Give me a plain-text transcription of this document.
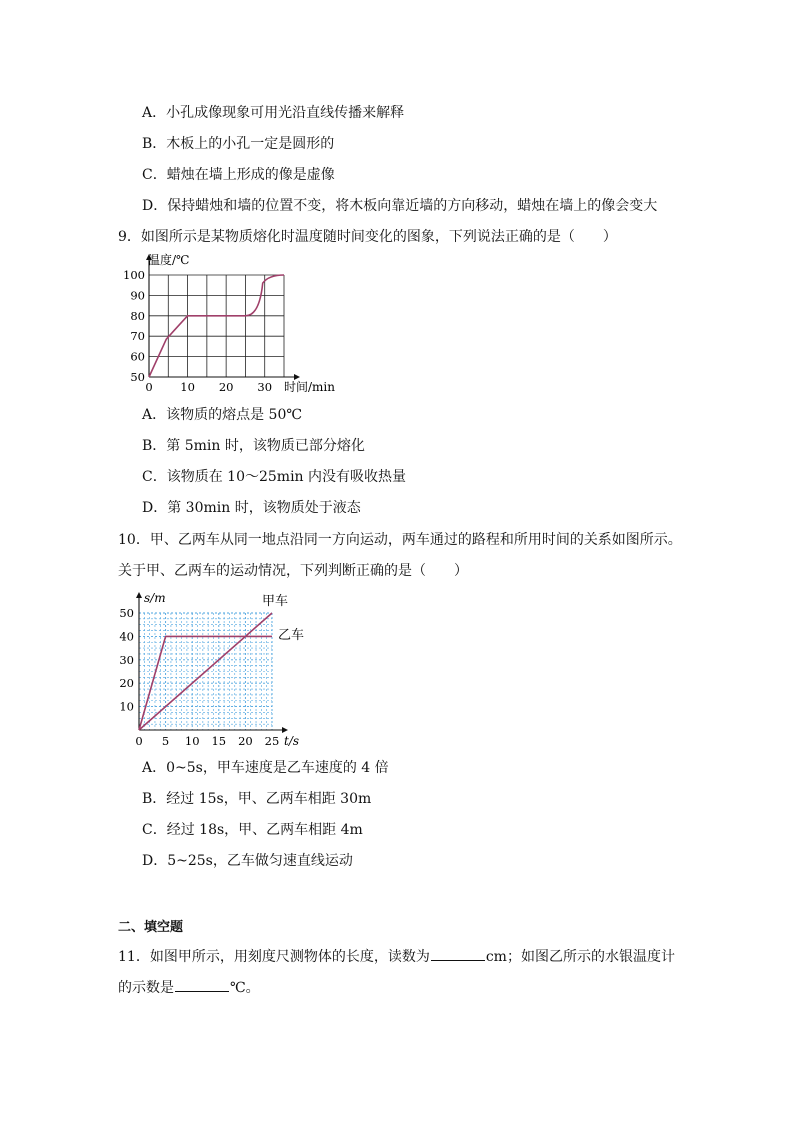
A．小孔成像现象可用光沿直线传播来解释
B．木板上的小孔一定是圆形的
C．蜡烛在墙上形成的像是虚像
D．保持蜡烛和墙的位置不变，将木板向靠近墙的方向移动，蜡烛在墙上的像会变大
9．如图所示是某物质熔化时温度随时间变化的图象，下列说法正确的是（　　）
50
60
70
80
90
100
0 10 20 30
温度/℃
时间/min
A．该物质的熔点是 50℃
B．第 5min 时，该物质已部分熔化
C．该物质在 10～25min 内没有吸收热量
D．第 30min 时，该物质处于液态
10．甲、乙两车从同一地点沿同一方向运动，两车通过的路程和所用时间的关系如图所示。
关于甲、乙两车的运动情况，下列判断正确的是（　　）
10
20
30
40
50
0 5 10 15 20 25
s/m
t/s
甲车
乙车
A．0~5s，甲车速度是乙车速度的 4 倍
B．经过 15s，甲、乙两车相距 30m
C．经过 18s，甲、乙两车相距 4m
D．5~25s，乙车做匀速直线运动
二、填空题
11．如图甲所示，用刻度尺测物体的长度，读数为	cm；如图乙所示的水银温度计
的示数是	℃。
